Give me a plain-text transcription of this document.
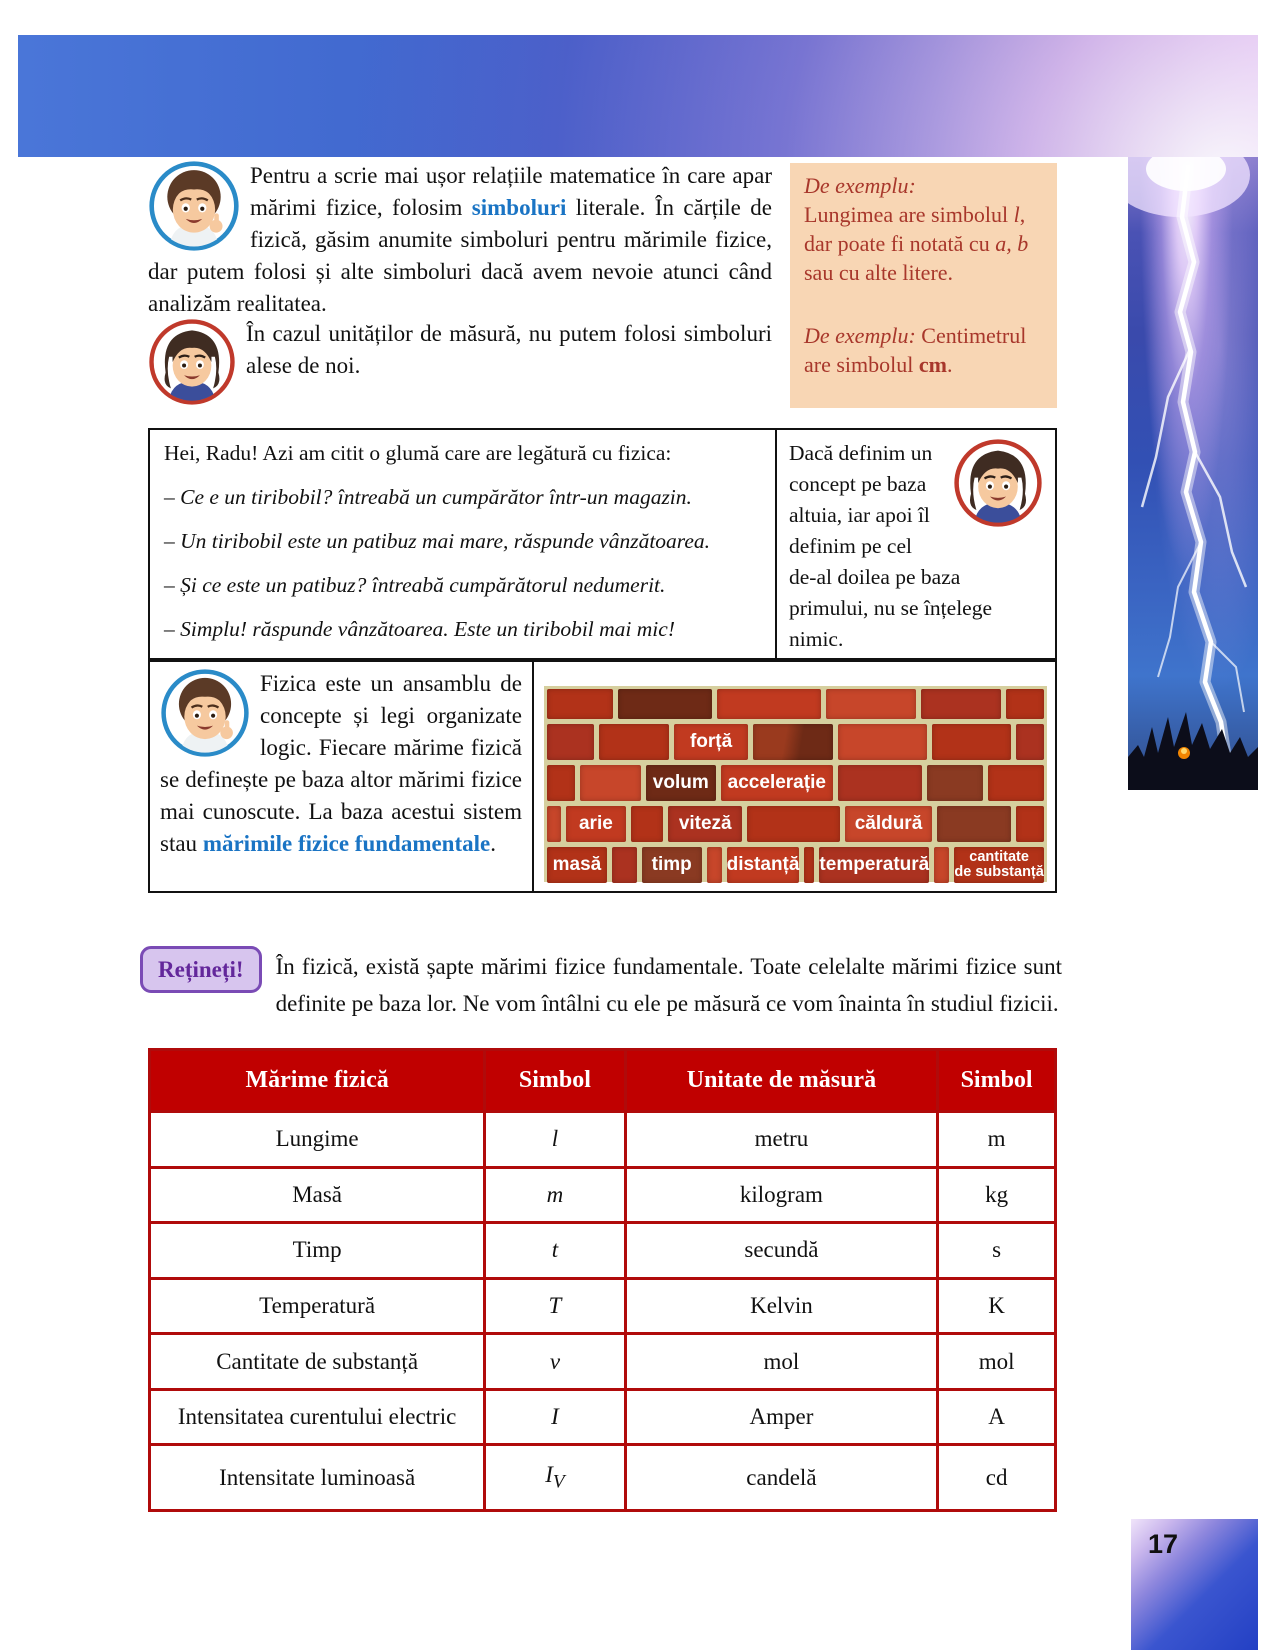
Pentru a scrie mai ușor relațiile matematice în care apar mărimi fizice, folosim simboluri literale. În cărțile de fizică, găsim anumite simboluri pentru mărimile fizice, dar putem folosi și alte simboluri dacă avem nevoie atunci când analizăm realitatea.
De exemplu:
Lungimea are simbolul l, dar poate fi notată cu a, b sau cu alte litere.
De exemplu: Centimetrul are simbolul cm.
În cazul unităților de măsură, nu putem folosi simboluri alese de noi.

Hei, Radu! Azi am citit o glumă care are legătură cu fizica:

– Ce e un tiribobil? întreabă un cumpărător într-un magazin.

– Un tiribobil este un patibuz mai mare, răspunde vânzătoarea.

– Și ce este un patibuz? întreabă cumpărătorul nedumerit.

– Simplu! răspunde vânzătoarea. Este un tiribobil mai mic!

Dacă definim un concept pe baza altuia, iar apoi îl definim pe cel de-al doilea pe baza primului, nu se înțelege nimic.
Fizica este un ansamblu de concepte și legi organizate logic. Fiecare mărime fizică se definește pe baza altor mărimi fizice mai cunoscute. La baza acestui sistem stau mărimile fizice fundamentale.
forță
volum accelerație
arie	viteză	căldură
masă	timp distanță temperatură	cantitate
de substanță
Rețineți!	În fizică, există șapte mărimi fizice fundamentale. Toate celelalte mărimi fizice sunt definite pe baza lor. Ne vom întâlni cu ele pe măsură ce vom înainta în studiul fizicii.
Mărime fizică	Simbol	Unitate de măsură	Simbol
Lungime	l	metru	m
Masă	m	kilogram	kg
Timp	t	secundă	s
Temperatură	T	Kelvin	K
Cantitate de substanță	ν	mol	mol
Intensitatea curentului electric	I	Amper	A
Intensitate luminoasă	$I_V$	candelă	cd
17
